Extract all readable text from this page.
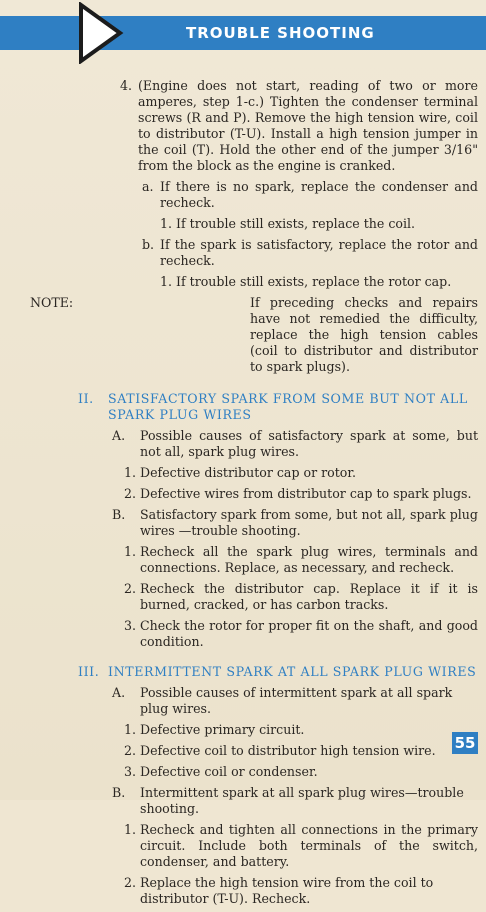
TROUBLE SHOOTING
4. (Engine does not start, reading of two or more amperes, step 1-c.) Tighten the condenser terminal screws (R and P). Remove the high tension wire, coil to distributor (T-U). Install a high tension jumper in the coil (T). Hold the other end of the jumper 3/16" from the block as the engine is cranked.
a. If there is no spark, replace the condenser and recheck.
1. If trouble still exists, replace the coil.
b. If the spark is satisfactory, replace the rotor and recheck.
1. If trouble still exists, replace the rotor cap.
NOTE:	If preceding checks and repairs have not remedied the difficulty, replace the high tension cables (coil to distributor and distributor to spark plugs).
II. SATISFACTORY SPARK FROM SOME BUT NOT ALL SPARK PLUG WIRES
A. Possible causes of satisfactory spark at some, but not all, spark plug wires.
1. Defective distributor cap or rotor.
2. Defective wires from distributor cap to spark plugs.
B. Satisfactory spark from some, but not all, spark plug wires —trouble shooting.
1. Recheck all the spark plug wires, terminals and connections. Replace, as necessary, and recheck.
2. Recheck the distributor cap. Replace it if it is burned, cracked, or has carbon tracks.
3. Check the rotor for proper fit on the shaft, and good condition.
III. INTERMITTENT SPARK AT ALL SPARK PLUG WIRES
A. Possible causes of intermittent spark at all spark plug wires.
1. Defective primary circuit.
2. Defective coil to distributor high tension wire.
3. Defective coil or condenser.
B. Intermittent spark at all spark plug wires—trouble shooting.
1. Recheck and tighten all connections in the primary circuit. Include both terminals of the switch, condenser, and battery.
2. Replace the high tension wire from the coil to distributor (T-U). Recheck.
55
